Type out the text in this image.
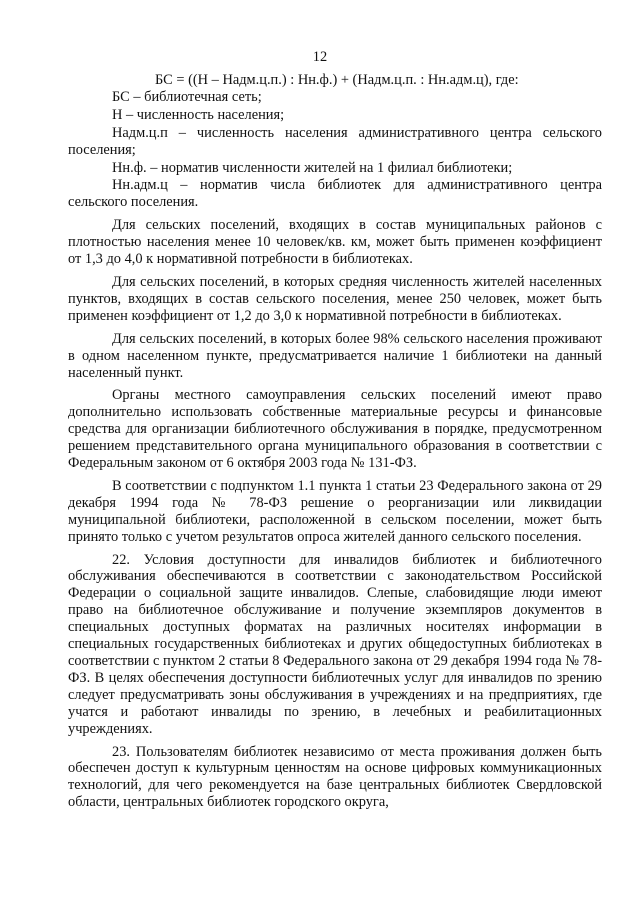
12
БС = ((Н – Надм.ц.п.) : Нн.ф.) + (Надм.ц.п. : Нн.адм.ц), где:
БС – библиотечная сеть;
Н – численность населения;
Надм.ц.п – численность населения административного центра сельского поселения;
Нн.ф. – норматив численности жителей на 1 филиал библиотеки;
Нн.адм.ц – норматив числа библиотек для административного центра сельского поселения.

Для сельских поселений, входящих в состав муниципальных районов с плотностью населения менее 10 человек/кв. км, может быть применен коэффициент от 1,3 до 4,0 к нормативной потребности в библиотеках.

Для сельских поселений, в которых средняя численность жителей населенных пунктов, входящих в состав сельского поселения, менее 250 человек, может быть применен коэффициент от 1,2 до 3,0 к нормативной потребности в библиотеках.

Для сельских поселений, в которых более 98% сельского населения проживают в одном населенном пункте, предусматривается наличие 1 библиотеки на данный населенный пункт.

Органы местного самоуправления сельских поселений имеют право дополнительно использовать собственные материальные ресурсы и финансовые средства для организации библиотечного обслуживания в порядке, предусмотренном решением представительного органа муниципального образования в соответствии с Федеральным законом от 6 октября 2003 года № 131-ФЗ.

В соответствии с подпунктом 1.1 пункта 1 статьи 23 Федерального закона от 29 декабря 1994 года № 78-ФЗ решение о реорганизации или ликвидации муниципальной библиотеки, расположенной в сельском поселении, может быть принято только с учетом результатов опроса жителей данного сельского поселения.

22. Условия доступности для инвалидов библиотек и библиотечного обслуживания обеспечиваются в соответствии с законодательством Российской Федерации о социальной защите инвалидов. Слепые, слабовидящие люди имеют право на библиотечное обслуживание и получение экземпляров документов в специальных доступных форматах на различных носителях информации в специальных государственных библиотеках и других общедоступных библиотеках в соответствии с пунктом 2 статьи 8 Федерального закона от 29 декабря 1994 года № 78-ФЗ. В целях обеспечения доступности библиотечных услуг для инвалидов по зрению следует предусматривать зоны обслуживания в учреждениях и на предприятиях, где учатся и работают инвалиды по зрению, в лечебных и реабилитационных учреждениях.

23. Пользователям библиотек независимо от места проживания должен быть обеспечен доступ к культурным ценностям на основе цифровых коммуникационных технологий, для чего рекомендуется на базе центральных библиотек Свердловской области, центральных библиотек городского округа,
